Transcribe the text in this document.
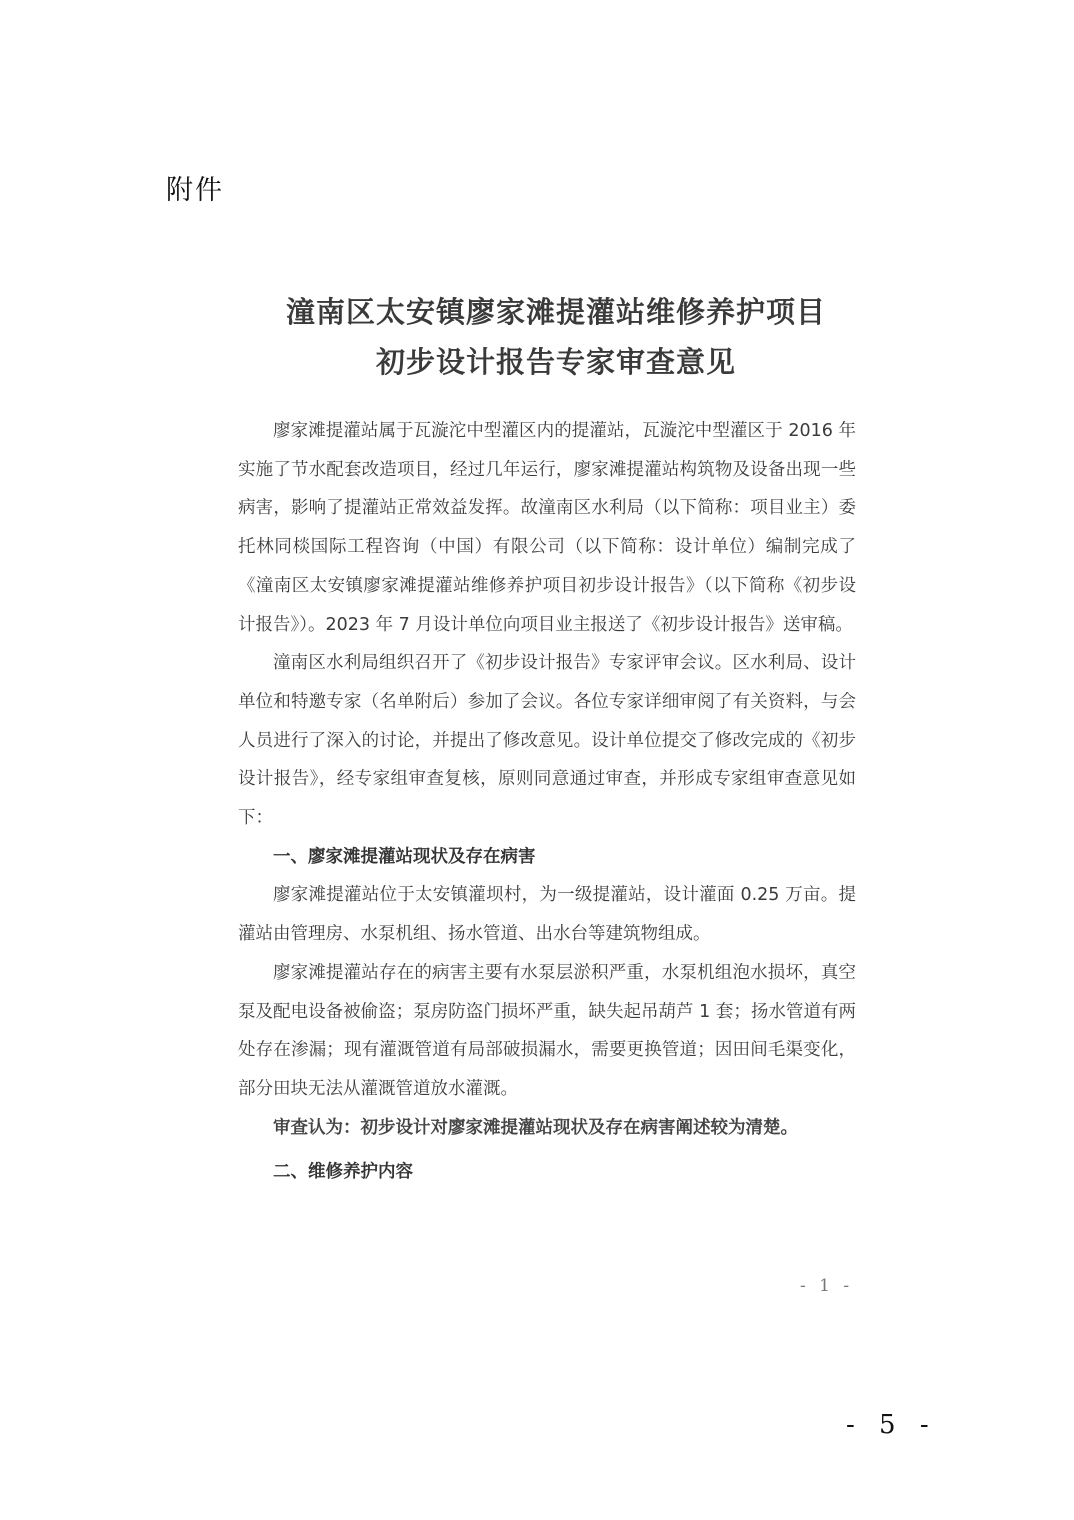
附件
潼南区太安镇廖家滩提灌站维修养护项目
初步设计报告专家审查意见

廖家滩提灌站属于瓦漩沱中型灌区内的提灌站，瓦漩沱中型灌区于 2016 年实施了节水配套改造项目，经过几年运行，廖家滩提灌站构筑物及设备出现一些病害，影响了提灌站正常效益发挥。故潼南区水利局（以下简称：项目业主）委托林同棪国际工程咨询（中国）有限公司（以下简称：设计单位）编制完成了《潼南区太安镇廖家滩提灌站维修养护项目初步设计报告》（以下简称《初步设计报告》）。2023 年 7 月设计单位向项目业主报送了《初步设计报告》送审稿。

潼南区水利局组织召开了《初步设计报告》专家评审会议。区水利局、设计单位和特邀专家（名单附后）参加了会议。各位专家详细审阅了有关资料，与会人员进行了深入的讨论，并提出了修改意见。设计单位提交了修改完成的《初步设计报告》，经专家组审查复核，原则同意通过审查，并形成专家组审查意见如下：

一、廖家滩提灌站现状及存在病害

廖家滩提灌站位于太安镇灌坝村，为一级提灌站，设计灌面 0.25 万亩。提灌站由管理房、水泵机组、扬水管道、出水台等建筑物组成。

廖家滩提灌站存在的病害主要有水泵层淤积严重，水泵机组泡水损坏，真空泵及配电设备被偷盗；泵房防盗门损坏严重，缺失起吊葫芦 1 套；扬水管道有两处存在渗漏；现有灌溉管道有局部破损漏水，需要更换管道；因田间毛渠变化，部分田块无法从灌溉管道放水灌溉。

审查认为：初步设计对廖家滩提灌站现状及存在病害阐述较为清楚。

二、维修养护内容

- 1 -
- 5 -
